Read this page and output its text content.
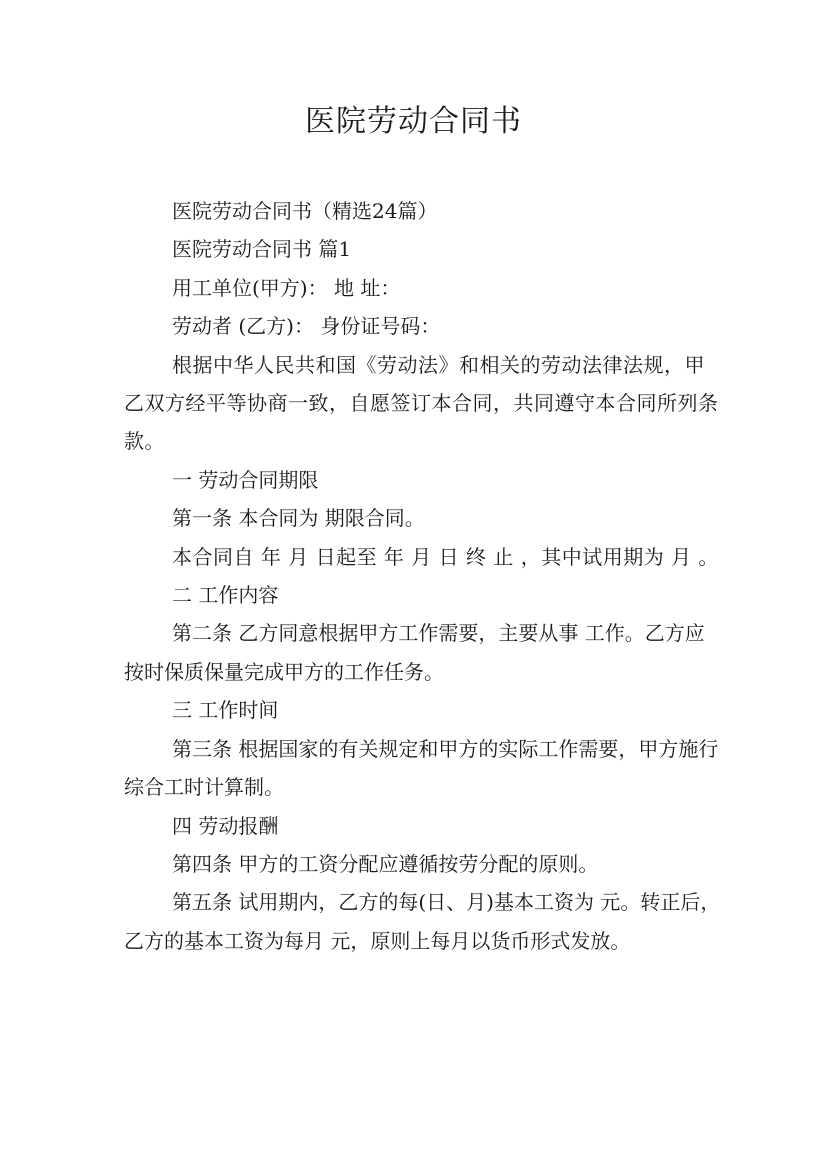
医院劳动合同书

医院劳动合同书（精选24篇）

医院劳动合同书 篇1

用工单位(甲方)： 地 址：

劳动者 (乙方)： 身份证号码：

根据中华人民共和国《劳动法》和相关的劳动法律法规，甲乙双方经平等协商一致，自愿签订本合同，共同遵守本合同所列条款。

一 劳动合同期限

第一条 本合同为 期限合同。

本合同自 年 月 日起至 年 月 日 终 止 ，其中试用期为 月 。

二 工作内容

第二条 乙方同意根据甲方工作需要，主要从事 工作。乙方应按时保质保量完成甲方的工作任务。

三 工作时间

第三条 根据国家的有关规定和甲方的实际工作需要，甲方施行综合工时计算制。

四 劳动报酬

第四条 甲方的工资分配应遵循按劳分配的原则。

第五条 试用期内，乙方的每(日、月)基本工资为 元。转正后，乙方的基本工资为每月 元，原则上每月以货币形式发放。
